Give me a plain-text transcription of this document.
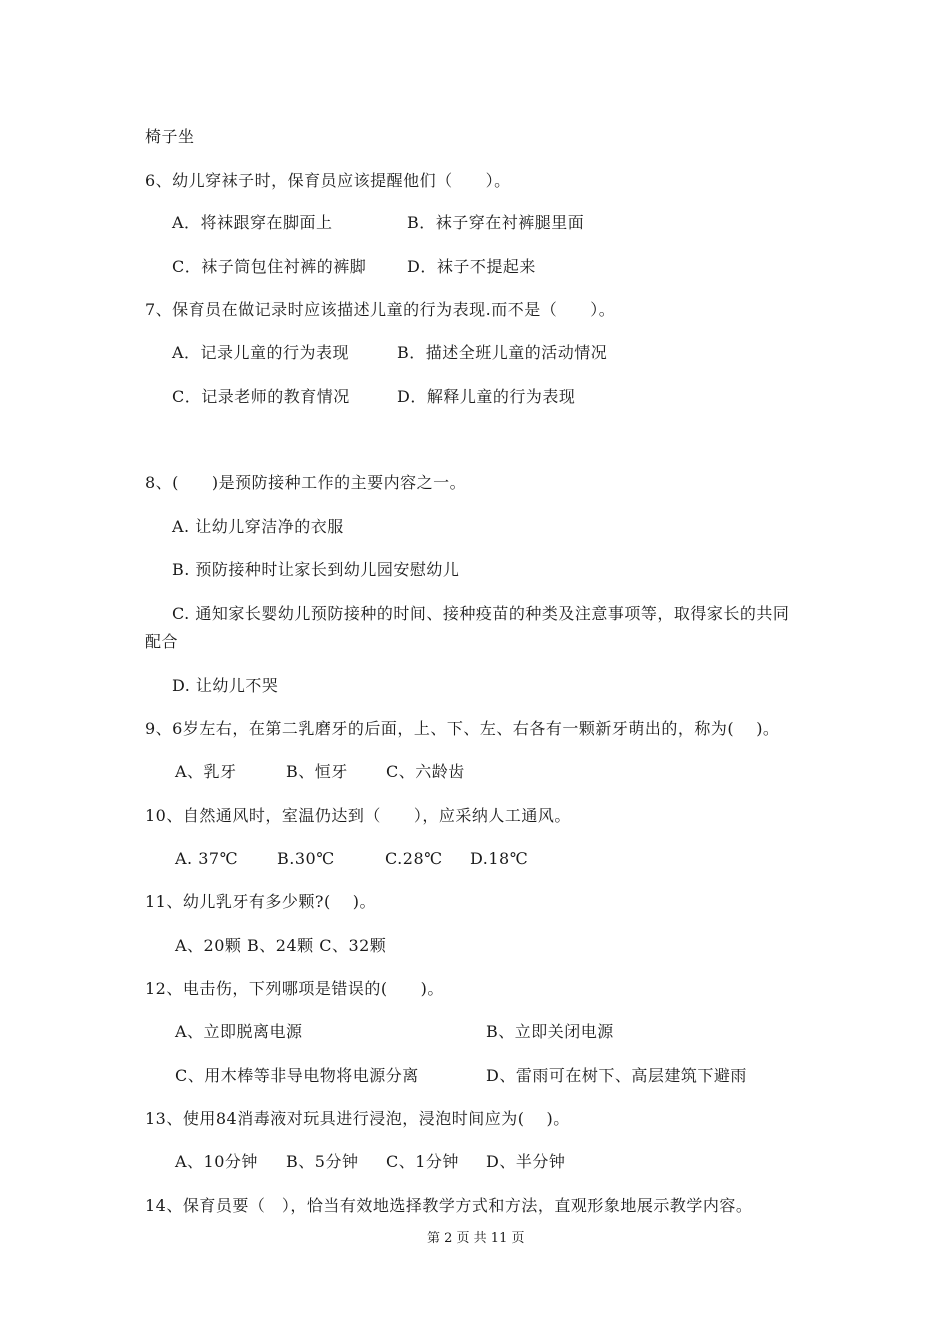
椅子坐
6、幼儿穿袜子时，保育员应该提醒他们（　　）。
A．将袜跟穿在脚面上	B．袜子穿在衬裤腿里面
C．袜子筒包住衬裤的裤脚	D．袜子不提起来
7、保育员在做记录时应该描述儿童的行为表现.而不是（　　）。
A．记录儿童的行为表现	B．描述全班儿童的活动情况
C．记录老师的教育情况	D．解释儿童的行为表现
8、(　　)是预防接种工作的主要内容之一。
A. 让幼儿穿洁净的衣服
B. 预防接种时让家长到幼儿园安慰幼儿
C. 通知家长婴幼儿预防接种的时间、接种疫苗的种类及注意事项等，取得家长的共同
配合
D. 让幼儿不哭
9、6岁左右，在第二乳磨牙的后面，上、下、左、右各有一颗新牙萌出的，称为(　 )。
A、乳牙	B、恒牙 C、六龄齿
10、自然通风时，室温仍达到（　　），应采纳人工通风。
A. 37℃ B.30℃	C.28℃ D.18℃
11、幼儿乳牙有多少颗?(　 )。
A、20颗 B、24颗 C、32颗
12、电击伤，下列哪项是错误的(　　)。
A、立即脱离电源	B、立即关闭电源
C、用木棒等非导电物将电源分离	D、雷雨可在树下、高层建筑下避雨
13、使用84消毒液对玩具进行浸泡，浸泡时间应为(　 )。
A、10分钟 B、5分钟 C、1分钟 D、半分钟
14、保育员要（　），恰当有效地选择教学方式和方法，直观形象地展示教学内容。
第 2 页 共 11 页
